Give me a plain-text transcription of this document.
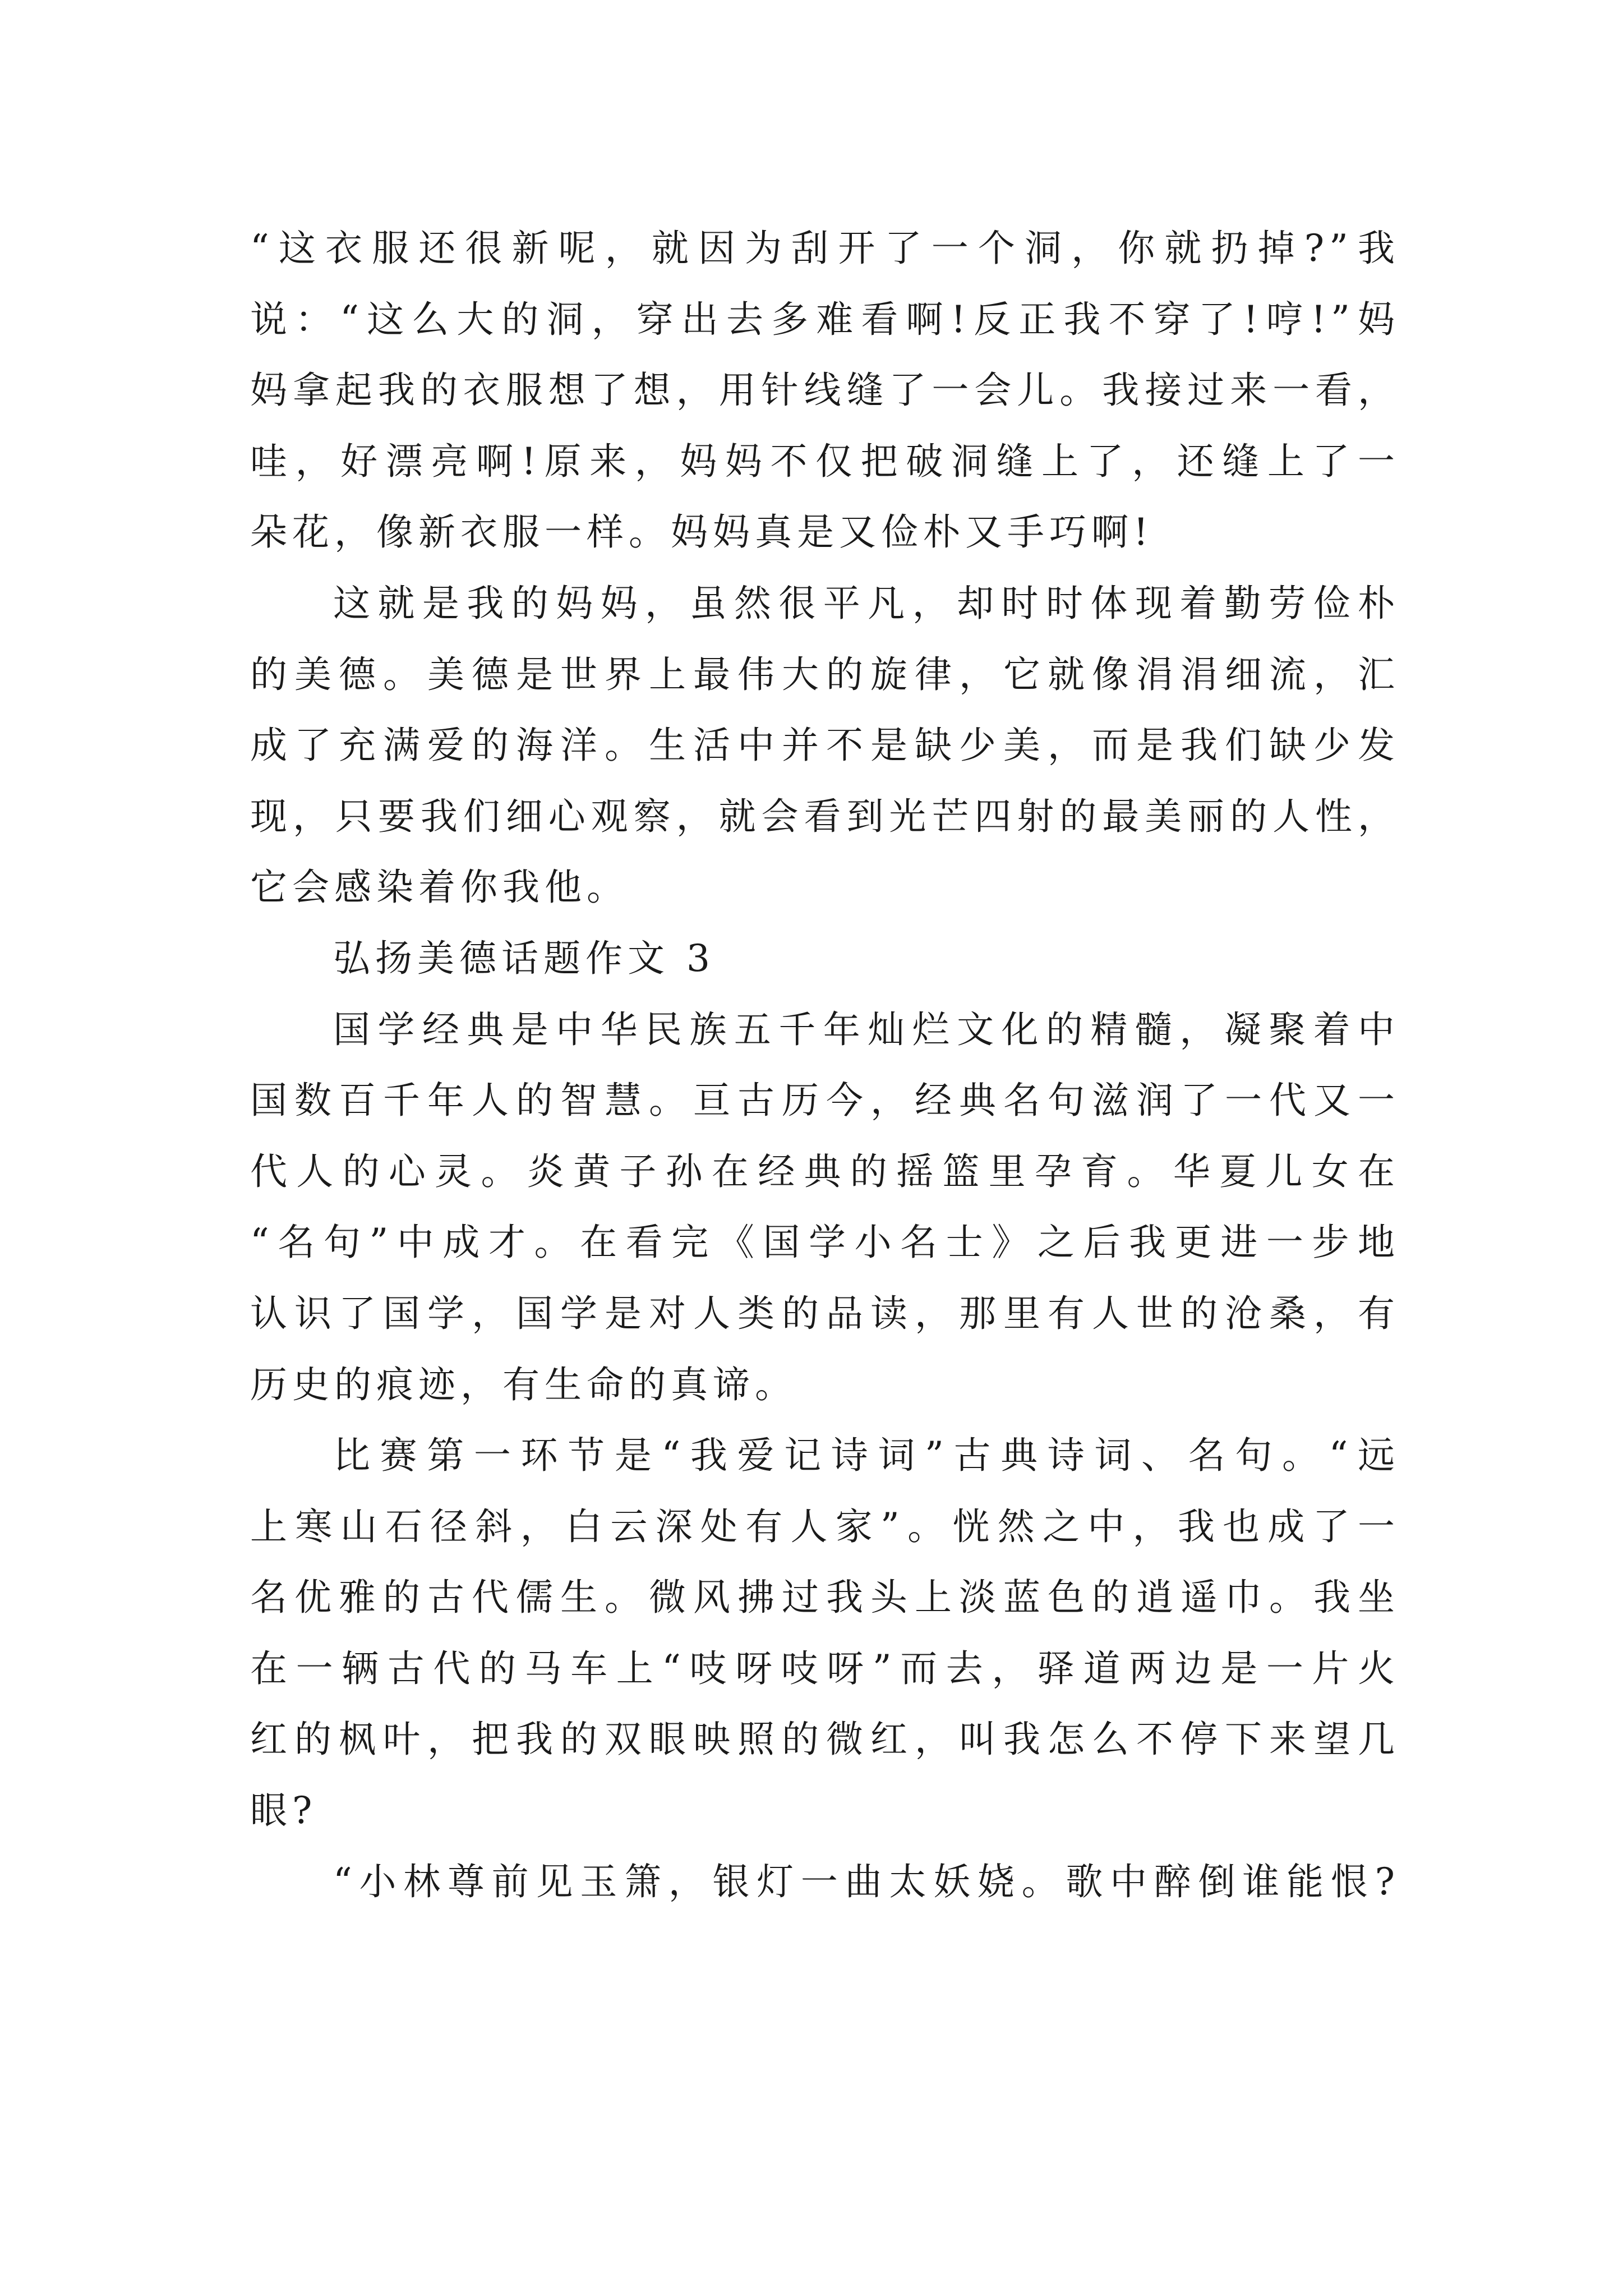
“这衣服还很新呢，就因为刮开了一个洞，你就扔掉?”我

说：“这么大的洞，穿出去多难看啊!反正我不穿了!哼!”妈

妈拿起我的衣服想了想，用针线缝了一会儿。我接过来一看，

哇，好漂亮啊!原来，妈妈不仅把破洞缝上了，还缝上了一

朵花，像新衣服一样。妈妈真是又俭朴又手巧啊!

这就是我的妈妈，虽然很平凡，却时时体现着勤劳俭朴

的美德。美德是世界上最伟大的旋律，它就像涓涓细流，汇

成了充满爱的海洋。生活中并不是缺少美，而是我们缺少发

现，只要我们细心观察，就会看到光芒四射的最美丽的人性，

它会感染着你我他。

弘扬美德话题作文 3

国学经典是中华民族五千年灿烂文化的精髓，凝聚着中

国数百千年人的智慧。亘古历今，经典名句滋润了一代又一

代人的心灵。炎黄子孙在经典的摇篮里孕育。华夏儿女在

“名句”中成才。在看完《国学小名士》之后我更进一步地

认识了国学，国学是对人类的品读，那里有人世的沧桑，有

历史的痕迹，有生命的真谛。

比赛第一环节是“我爱记诗词”古典诗词、名句。“远

上寒山石径斜，白云深处有人家”。恍然之中，我也成了一

名优雅的古代儒生。微风拂过我头上淡蓝色的逍遥巾。我坐

在一辆古代的马车上“吱呀吱呀”而去，驿道两边是一片火

红的枫叶，把我的双眼映照的微红，叫我怎么不停下来望几

眼?

“小林尊前见玉箫，银灯一曲太妖娆。歌中醉倒谁能恨?
